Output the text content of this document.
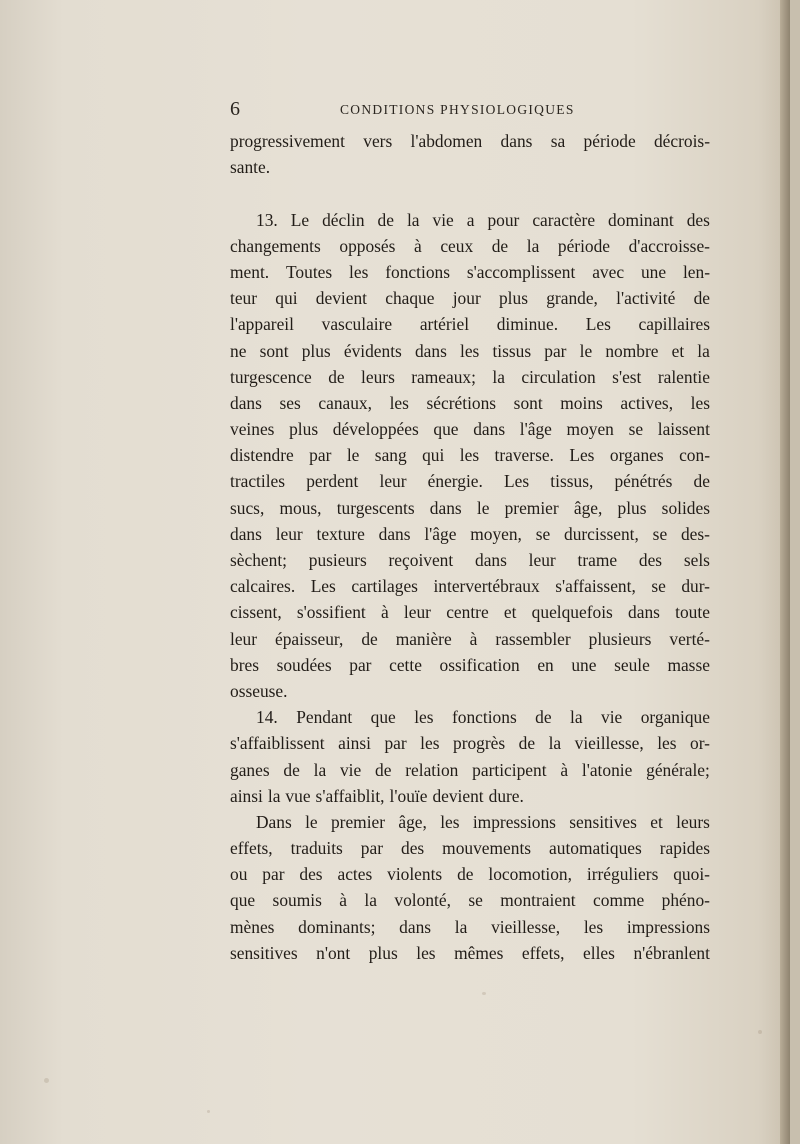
6	CONDITIONS PHYSIOLOGIQUES
progressivement vers l'abdomen dans sa période décrois-
sante.
13. Le déclin de la vie a pour caractère dominant des
changements opposés à ceux de la période d'accroisse-
ment. Toutes les fonctions s'accomplissent avec une len-
teur qui devient chaque jour plus grande, l'activité de
l'appareil vasculaire artériel diminue. Les capillaires
ne sont plus évidents dans les tissus par le nombre et la
turgescence de leurs rameaux; la circulation s'est ralentie
dans ses canaux, les sécrétions sont moins actives, les
veines plus développées que dans l'âge moyen se laissent
distendre par le sang qui les traverse. Les organes con-
tractiles perdent leur énergie. Les tissus, pénétrés de
sucs, mous, turgescents dans le premier âge, plus solides
dans leur texture dans l'âge moyen, se durcissent, se des-
sèchent; pusieurs reçoivent dans leur trame des sels
calcaires. Les cartilages intervertébraux s'affaissent, se dur-
cissent, s'ossifient à leur centre et quelquefois dans toute
leur épaisseur, de manière à rassembler plusieurs verté-
bres soudées par cette ossification en une seule masse
osseuse.
14. Pendant que les fonctions de la vie organique
s'affaiblissent ainsi par les progrès de la vieillesse, les or-
ganes de la vie de relation participent à l'atonie générale;
ainsi la vue s'affaiblit, l'ouïe devient dure.
Dans le premier âge, les impressions sensitives et leurs
effets, traduits par des mouvements automatiques rapides
ou par des actes violents de locomotion, irréguliers quoi-
que soumis à la volonté, se montraient comme phéno-
mènes dominants; dans la vieillesse, les impressions
sensitives n'ont plus les mêmes effets, elles n'ébranlent
